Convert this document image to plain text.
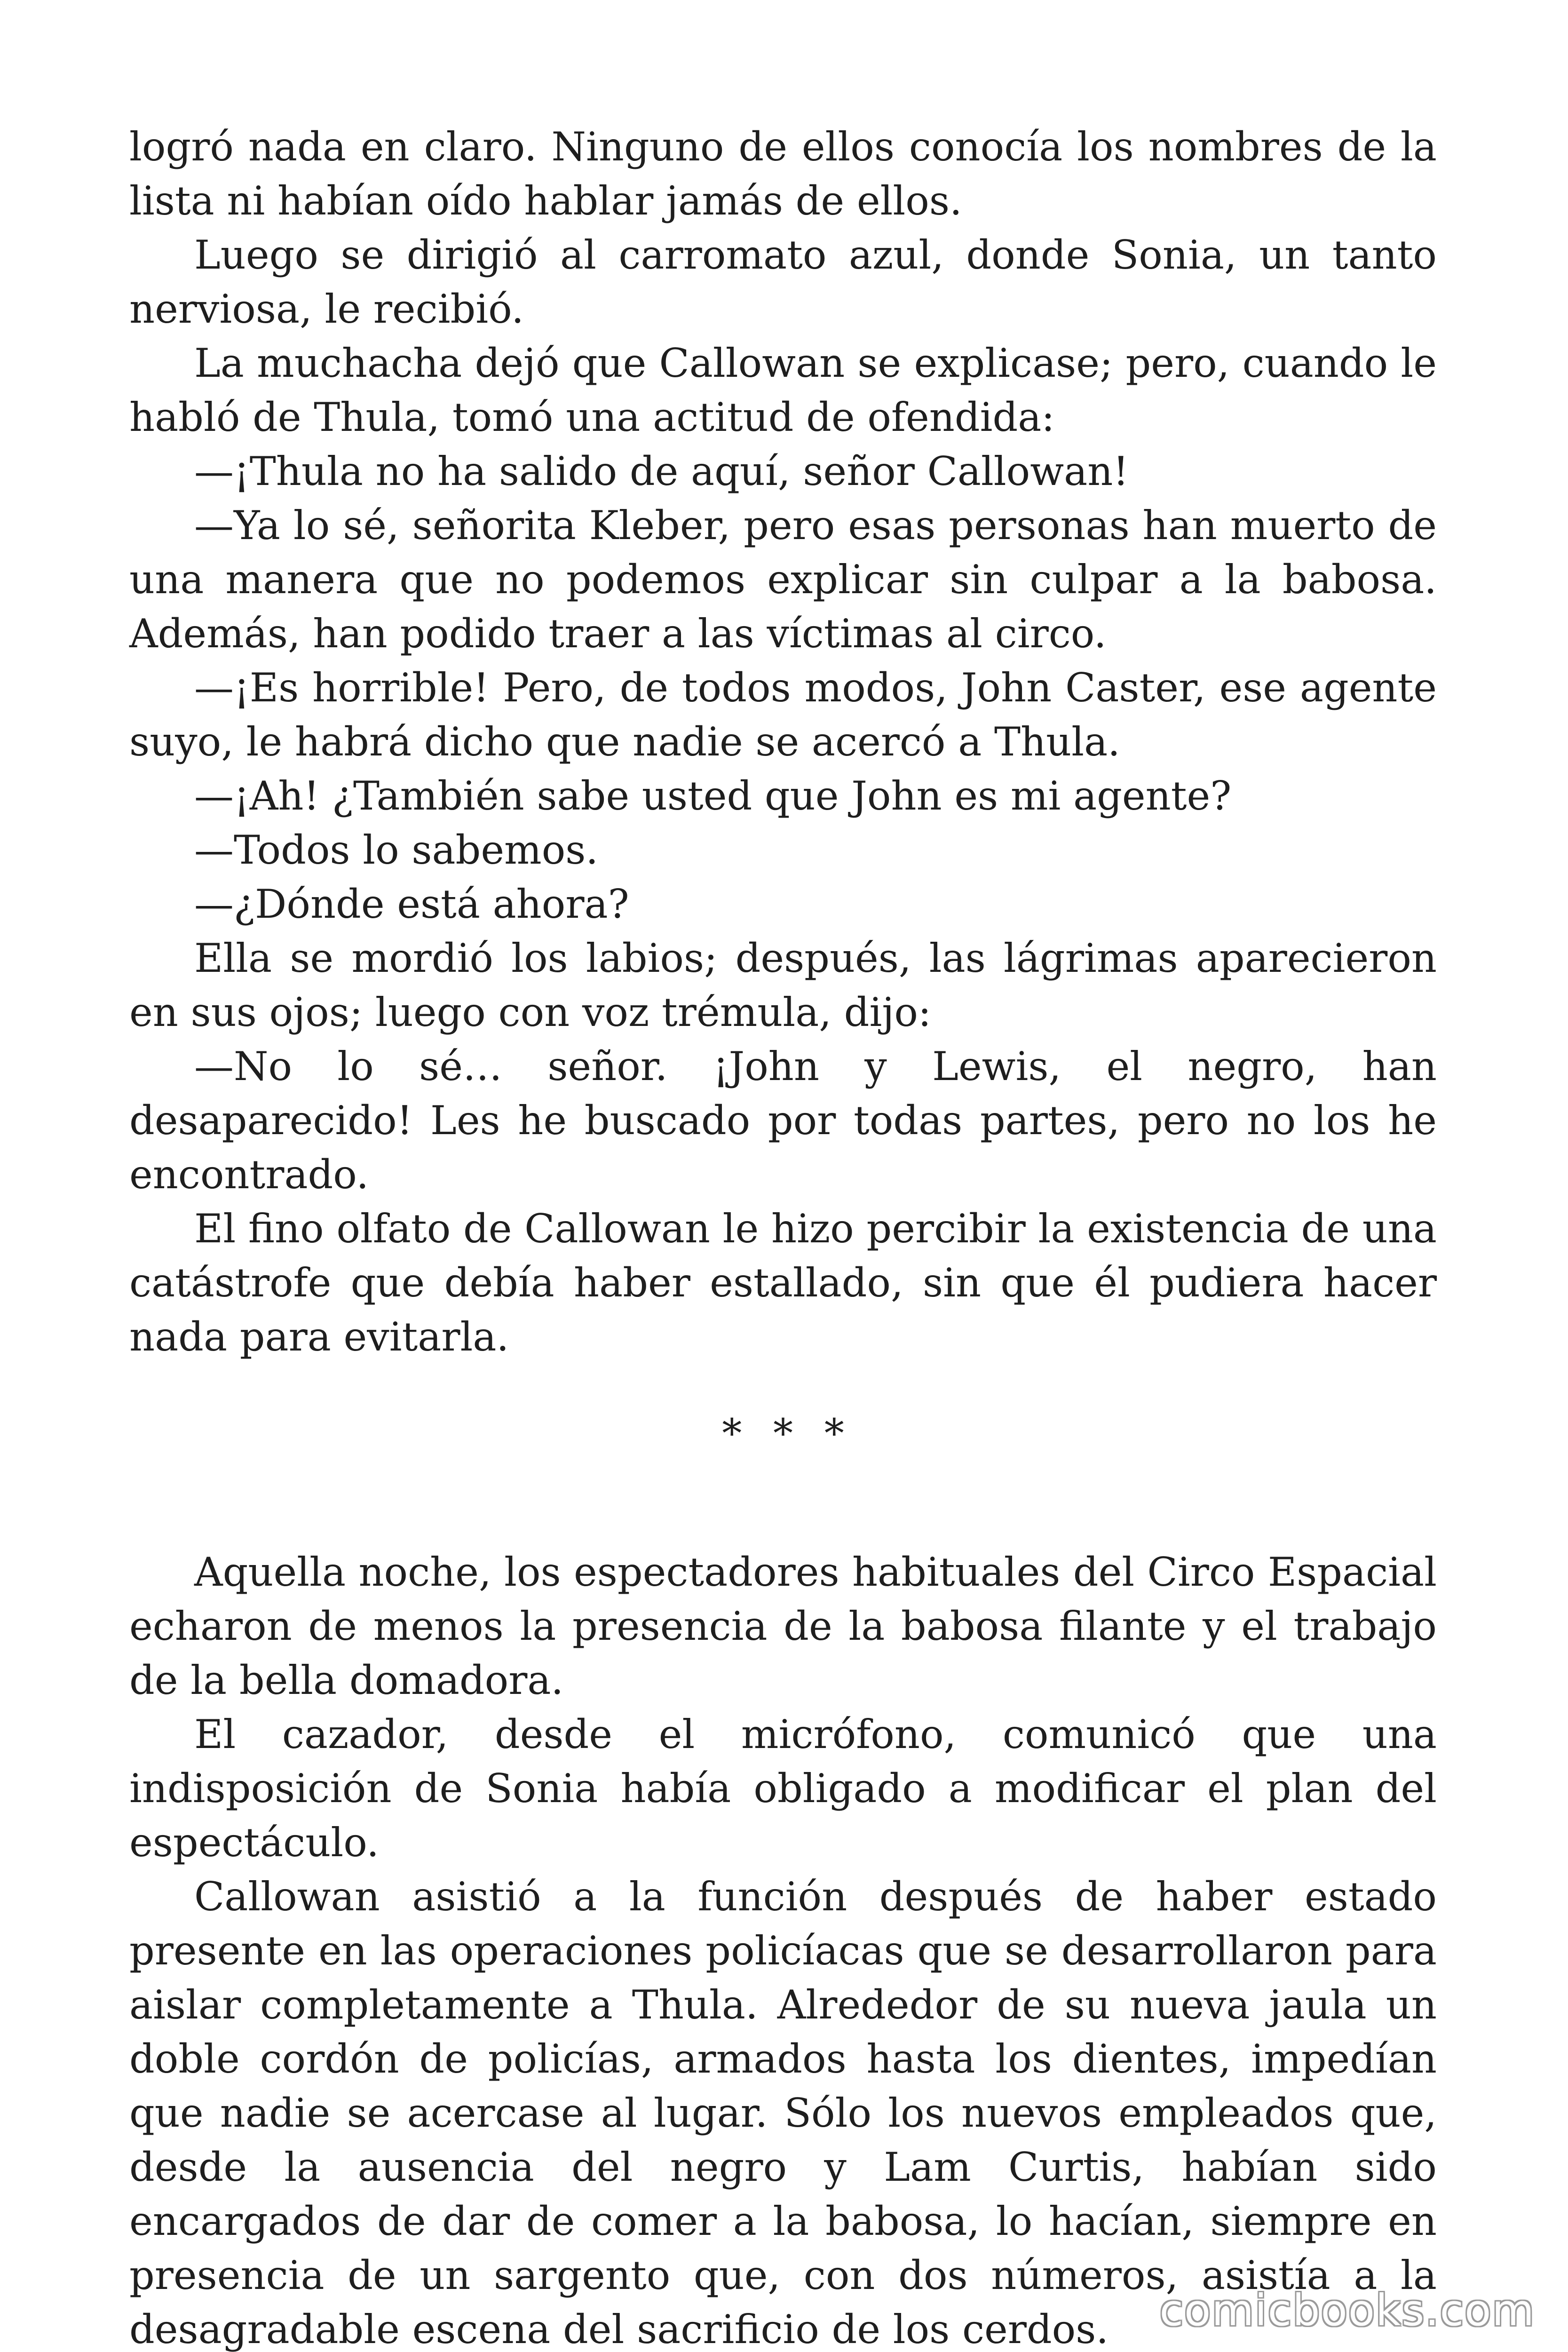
logró nada en claro. Ninguno de ellos conocía los nombres de la lista ni habían oído hablar jamás de ellos.

Luego se dirigió al carromato azul, donde Sonia, un tanto nerviosa, le recibió.

La muchacha dejó que Callowan se explicase; pero, cuando le habló de Thula, tomó una actitud de ofendida:

—¡Thula no ha salido de aquí, señor Callowan!

—Ya lo sé, señorita Kleber, pero esas personas han muerto de una manera que no podemos explicar sin culpar a la babosa. Además, han podido traer a las víctimas al circo.

—¡Es horrible! Pero, de todos modos, John Caster, ese agente suyo, le habrá dicho que nadie se acercó a Thula.

—¡Ah! ¿También sabe usted que John es mi agente?

—Todos lo sabemos.

—¿Dónde está ahora?

Ella se mordió los labios; después, las lágrimas aparecieron en sus ojos; luego con voz trémula, dijo:

—No lo sé… señor. ¡John y Lewis, el negro, han desaparecido! Les he buscado por todas partes, pero no los he encontrado.

El fino olfato de Callowan le hizo percibir la existencia de una catástrofe que debía haber estallado, sin que él pudiera hacer nada para evitarla.

* * *

Aquella noche, los espectadores habituales del Circo Espacial echaron de menos la presencia de la babosa filante y el trabajo de la bella domadora.

El cazador, desde el micrófono, comunicó que una indisposición de Sonia había obligado a modificar el plan del espectáculo.

Callowan asistió a la función después de haber estado presente en las operaciones policíacas que se desarrollaron para aislar completamente a Thula. Alrededor de su nueva jaula un doble cordón de policías, armados hasta los dientes, impedían que nadie se acercase al lugar. Sólo los nuevos empleados que, desde la ausencia del negro y Lam Curtis, habían sido encargados de dar de comer a la babosa, lo hacían, siempre en presencia de un sargento que, con dos números, asistía a la desagradable escena del sacrificio de los cerdos.	comicbooks.com
